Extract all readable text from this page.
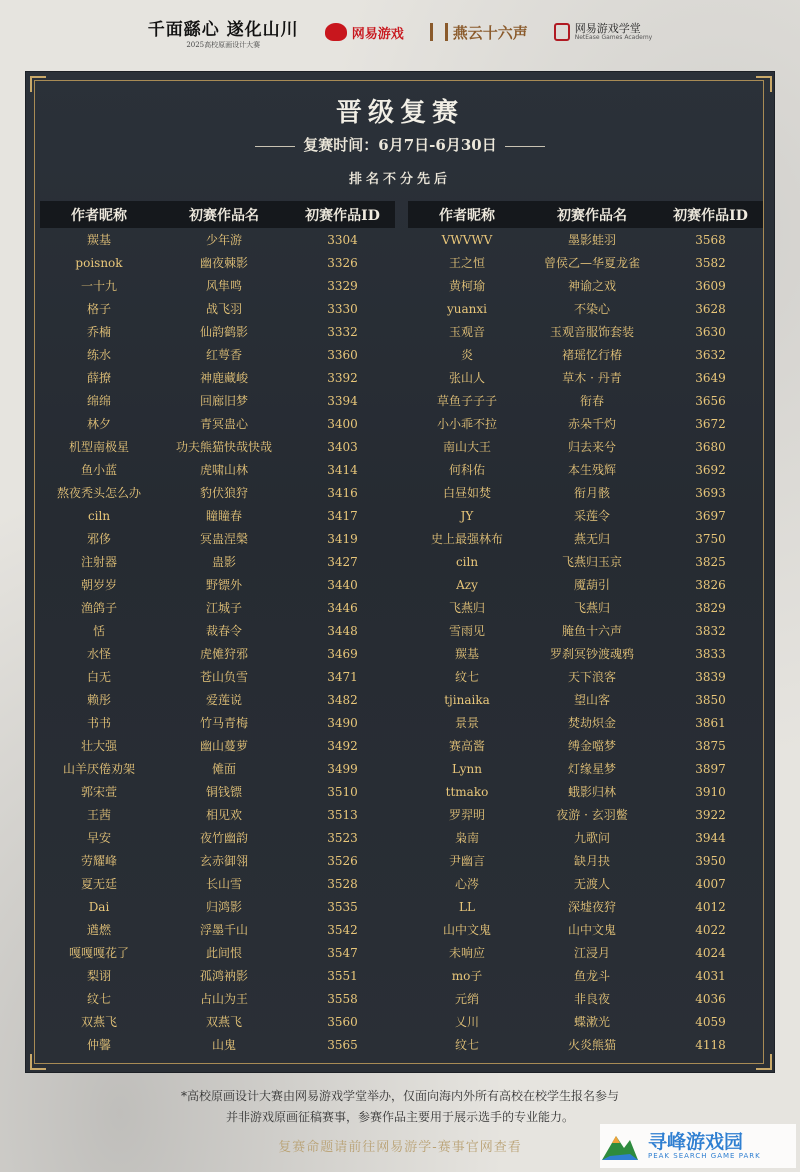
千面繇心 遂化山川
2025高校原画设计大赛
网易游戏	燕云十六声	网易游戏学堂
NetEase Games Academy
晋级复赛
复赛时间：6月7日-6月30日
排名不分先后
作者昵称	初赛作品名	初赛作品ID
羰基	少年游	3304
poisnok	幽夜棘影	3326
一十九	风隼鸣	3329
格子	战飞羽	3330
乔楠	仙韵鹤影	3332
练水	红萼香	3360
薛撩	神鹿藏峻	3392
绵绵	回廊旧梦	3394
林夕	青冥蛊心	3400
机型南极星	功夫熊猫快哉快哉	3403
鱼小蓝	虎啸山林	3414
熬夜秃头怎么办	豹伏狼狩	3416
ciln	瞳瞳春	3417
邪侈	冥蛊涅槃	3419
注射器	蛊影	3427
朝岁岁	野镖外	3440
渔鸽子	江城子	3446
恬	裁春令	3448
水怪	虎傩狩邪	3469
白无	苍山负雪	3471
赖彤	爱莲说	3482
书书	竹马青梅	3490
壮大强	幽山蔓萝	3492
山羊厌倦劝架	傩面	3499
郭宋萱	铜钱镖	3510
王茜	相见欢	3513
早安	夜竹幽韵	3523
劳耀峰	玄赤御翎	3526
夏无廷	长山雪	3528
Dai	归鸿影	3535
遒燃	浮墨千山	3542
嘎嘎嘎花了	此间恨	3547
梨诩	孤鸿衲影	3551
纹七	占山为王	3558
双燕飞	双燕飞	3560
仲馨	山鬼	3565
作者昵称	初赛作品名	初赛作品ID
VWVWV	墨影蛙羽	3568
王之恒	曾侯乙—华夏龙雀	3582
黄柯瑜	神谕之戏	3609
yuanxi	不染心	3628
玉观音	玉观音服饰套装	3630
炎	褚瑶忆行椿	3632
张山人	草木 · 丹青	3649
草鱼子子子	衔春	3656
小小乖不拉	赤朵千灼	3672
南山大王	归去来兮	3680
何科佑	本生残辉	3692
白昼如焚	衔月骸	3693
JY	采莲令	3697
史上最强林布	燕无归	3750
ciln	飞燕归玉京	3825
Azy	魇葫引	3826
飞燕归	飞燕归	3829
雪雨见	腌鱼十六声	3832
羰基	罗刹冥钞渡魂鸦	3833
纹七	天下浪客	3839
tjinaika	望山客	3850
景景	焚劫炽金	3861
赛高酱	缚金噹梦	3875
Lynn	灯缘星梦	3897
ttmako	蛾影归林	3910
罗羿明	夜游 · 玄羽鳖	3922
枭南	九歌问	3944
尹幽言	缺月抉	3950
心涔	无渡人	4007
LL	深墟夜狩	4012
山中文鬼	山中文鬼	4022
未响应	江浸月	4024
mo子	鱼龙斗	4031
元绡	非良夜	4036
乂川	蝶漱光	4059
纹七	火炎熊猫	4118
*高校原画设计大赛由网易游戏学堂举办，仅面向海内外所有高校在校学生报名参与
并非游戏原画征稿赛事，参赛作品主要用于展示选手的专业能力。
复赛命题请前往网易游学-赛事官网查看	寻峰游戏园
PEAK SEARCH GAME PARK
